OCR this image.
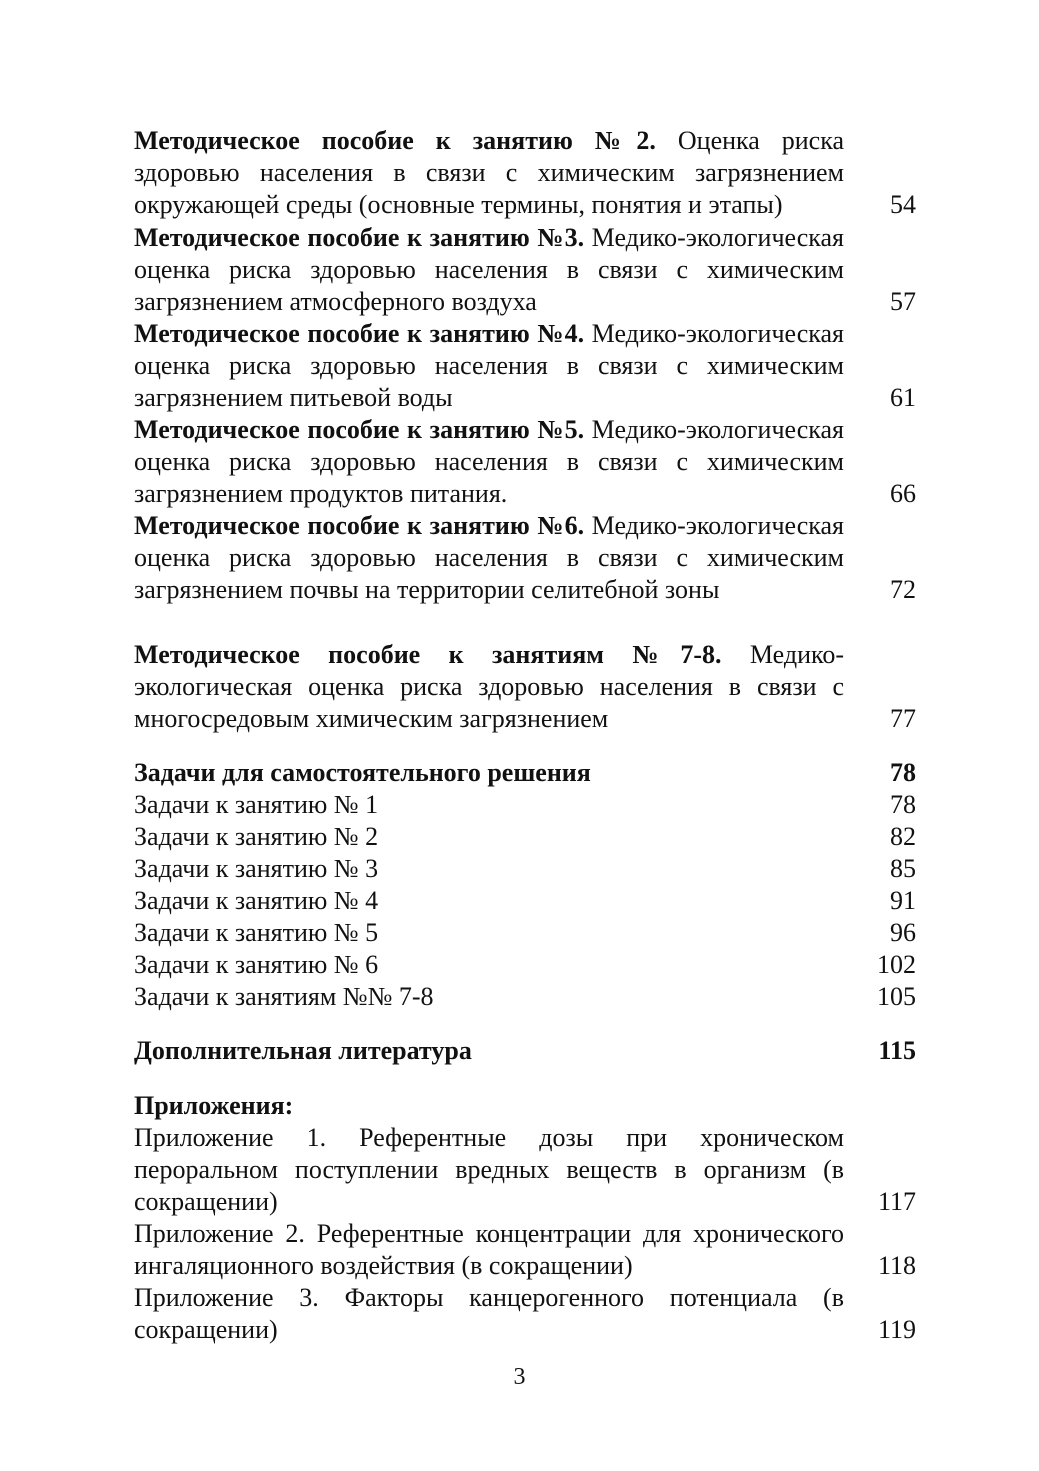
Методическое пособие к занятию №2. Оценка риска здоровью населения в связи с химическим загрязнением окружающей среды (основные термины, понятия и этапы)	54
Методическое пособие к занятию №3. Медико-экологическая оценка риска здоровью населения в связи с химическим загрязнением атмосферного воздуха	57
Методическое пособие к занятию №4. Медико-экологическая оценка риска здоровью населения в связи с химическим загрязнением питьевой воды	61
Методическое пособие к занятию №5. Медико-экологическая оценка риска здоровью населения в связи с химическим загрязнением продуктов питания.	66
Методическое пособие к занятию №6. Медико-экологическая оценка риска здоровью населения в связи с химическим загрязнением почвы на территории селитебной зоны	72
Методическое пособие к занятиям №7-8. Медико-экологическая оценка риска здоровью населения в связи с многосредовым химическим загрязнением	77
Задачи для самостоятельного решения	78
Задачи к занятию № 1	78
Задачи к занятию № 2	82
Задачи к занятию № 3	85
Задачи к занятию № 4	91
Задачи к занятию № 5	96
Задачи к занятию № 6	102
Задачи к занятиям №№ 7-8	105
Дополнительная литература	115
Приложения:
Приложение 1. Референтные дозы при хроническом пероральном поступлении вредных веществ в организм (в сокращении)	117
Приложение 2. Референтные концентрации для хронического ингаляционного воздействия (в сокращении)	118
Приложение 3. Факторы канцерогенного потенциала (в сокращении)	119
3
